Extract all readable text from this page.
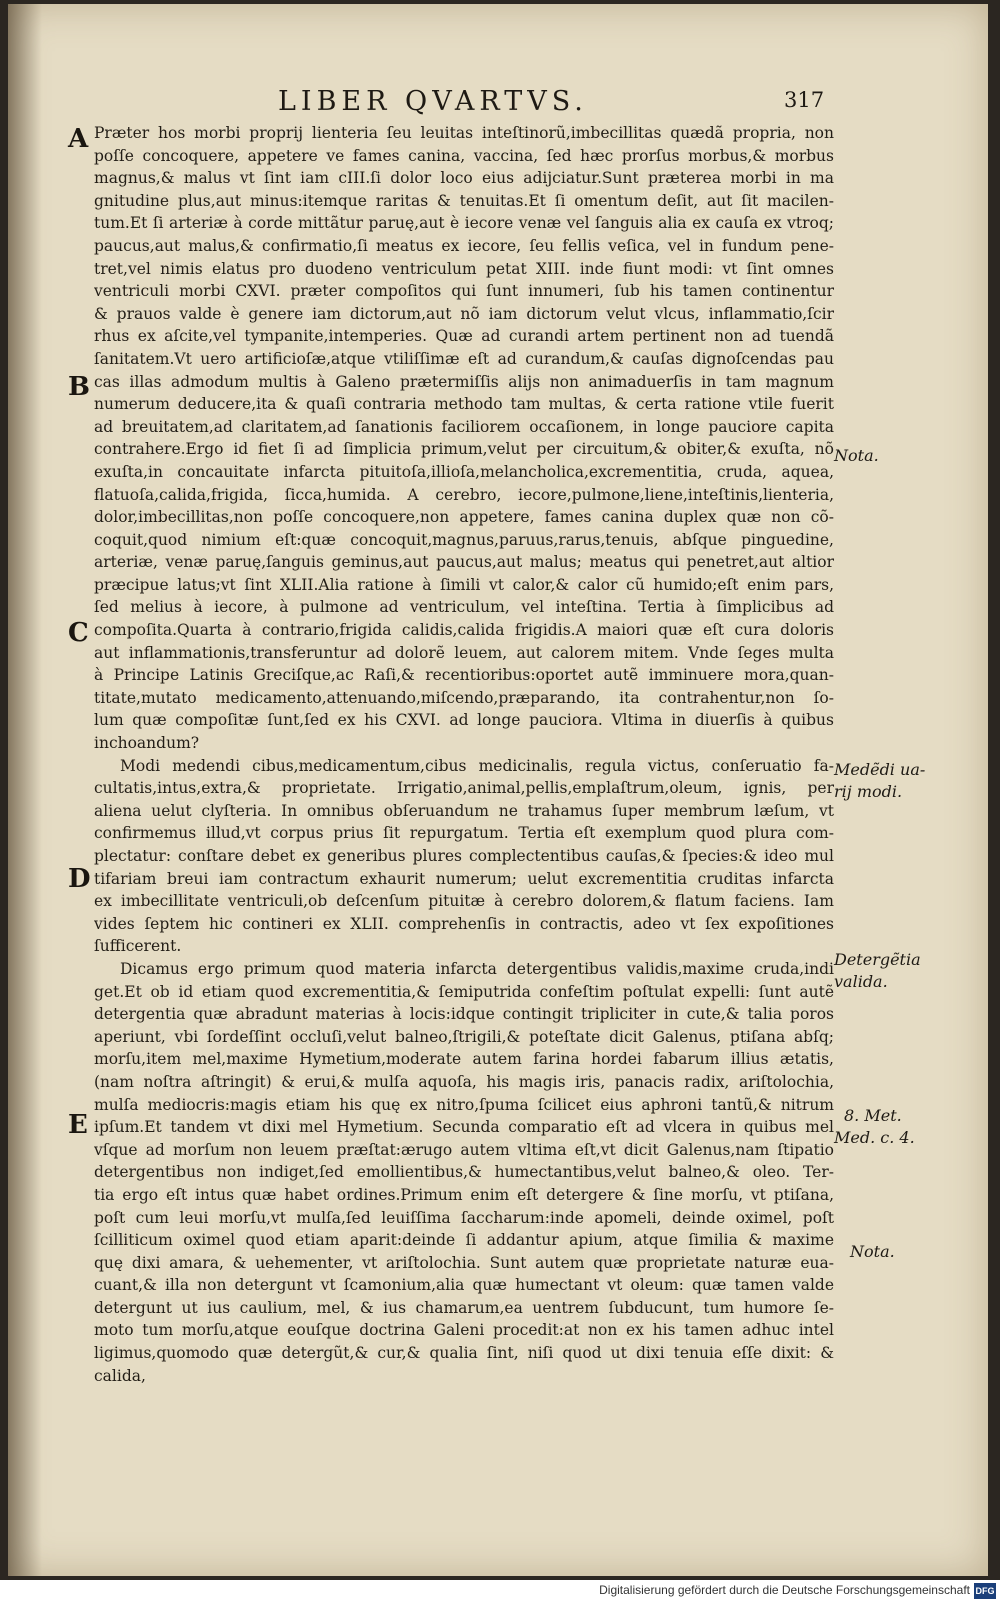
LIBER QVARTVS.	317
A
B
C
D
E
Præter hos morbi proprij lienteria ſeu leuitas inteſtinorũ,imbecillitas quædã propria, non
poſſe concoquere, appetere ve fames canina, vaccina, ſed hæc prorſus morbus,& morbus
magnus,& malus vt ſint iam cIII.ſi dolor loco eius adijciatur.Sunt præterea morbi in ma
gnitudine plus,aut minus:itemque raritas & tenuitas.Et ſi omentum deſit, aut ſit macilen-
tum.Et ſi arteriæ à corde mittãtur paruę,aut è iecore venæ vel ſanguis alia ex cauſa ex vtroq;
paucus,aut malus,& confirmatio,ſi meatus ex iecore, ſeu fellis veſica, vel in fundum pene-
tret,vel nimis elatus pro duodeno ventriculum petat XIII. inde fiunt modi: vt ſint omnes
ventriculi morbi CXVI. præter compoſitos qui ſunt innumeri, ſub his tamen continentur
& prauos valde è genere iam dictorum,aut nõ iam dictorum velut vlcus, inflammatio,ſcir
rhus ex aſcite,vel tympanite,intemperies. Quæ ad curandi artem pertinent non ad tuendã
ſanitatem.Vt uero artificioſæ,atque vtiliſſimæ eſt ad curandum,& cauſas dignoſcendas pau
cas illas admodum multis à Galeno prætermiſſis alijs non animaduerſis in tam magnum
numerum deducere,ita & quaſi contraria methodo tam multas, & certa ratione vtile fuerit
ad breuitatem,ad claritatem,ad ſanationis faciliorem occaſionem, in longe pauciore capita
contrahere.Ergo id fiet ſi ad ſimplicia primum,velut per circuitum,& obiter,& exuſta, nõ
exuſta,in concauitate infarcta pituitoſa,illioſa,melancholica,excrementitia, cruda, aquea,
flatuoſa,calida,frigida, ſicca,humida. A cerebro, iecore,pulmone,liene,inteſtinis,lienteria,
dolor,imbecillitas,non poſſe concoquere,non appetere, fames canina duplex quæ non cõ-
coquit,quod nimium eſt:quæ concoquit,magnus,paruus,rarus,tenuis, abſque pinguedine,
arteriæ, venæ paruę,ſanguis geminus,aut paucus,aut malus; meatus qui penetret,aut altior
præcipue latus;vt ſint XLII.Alia ratione à ſimili vt calor,& calor cũ humido;eſt enim pars,
ſed melius à iecore, à pulmone ad ventriculum, vel inteſtina. Tertia à ſimplicibus ad
compoſita.Quarta à contrario,frigida calidis,calida frigidis.A maiori quæ eſt cura doloris
aut inflammationis,transferuntur ad dolorẽ leuem, aut calorem mitem. Vnde ſeges multa
à Principe Latinis Greciſque,ac Raſi,& recentioribus:oportet autẽ imminuere mora,quan-
titate,mutato medicamento,attenuando,miſcendo,præparando, ita contrahentur,non ſo-
lum quæ compoſitæ ſunt,ſed ex his CXVI. ad longe pauciora. Vltima in diuerſis à quibus
inchoandum?
Modi medendi cibus,medicamentum,cibus medicinalis, regula victus, conſeruatio fa-
cultatis,intus,extra,& proprietate. Irrigatio,animal,pellis,emplaſtrum,oleum, ignis, per
aliena uelut clyſteria. In omnibus obſeruandum ne trahamus ſuper membrum læſum, vt
confirmemus illud,vt corpus prius ſit repurgatum. Tertia eſt exemplum quod plura com-
plectatur: conſtare debet ex generibus plures complectentibus cauſas,& ſpecies:& ideo mul
tifariam breui iam contractum exhaurit numerum; uelut excrementitia cruditas infarcta
ex imbecillitate ventriculi,ob deſcenſum pituitæ à cerebro dolorem,& flatum faciens. Iam
vides ſeptem hic contineri ex XLII. comprehenſis in contractis, adeo vt ſex expoſitiones
ſufficerent.
Dicamus ergo primum quod materia infarcta detergentibus validis,maxime cruda,indi
get.Et ob id etiam quod excrementitia,& ſemiputrida confeſtim poſtulat expelli: ſunt autẽ
detergentia quæ abradunt materias à locis:idque contingit tripliciter in cute,& talia poros
aperiunt, vbi ſordeſſint occluſi,velut balneo,ſtrigili,& poteſtate dicit Galenus, ptiſana abſq;
morſu,item mel,maxime Hymetium,moderate autem farina hordei fabarum illius ætatis,
(nam noſtra aſtringit) & erui,& mulſa aquoſa, his magis iris, panacis radix, ariſtolochia,
mulſa mediocris:magis etiam his quę ex nitro,ſpuma ſcilicet eius aphroni tantũ,& nitrum
ipſum.Et tandem vt dixi mel Hymetium. Secunda comparatio eſt ad vlcera in quibus mel
vſque ad morſum non leuem præſtat:ærugo autem vltima eſt,vt dicit Galenus,nam ſtipatio
detergentibus non indiget,ſed emollientibus,& humectantibus,velut balneo,& oleo. Ter-
tia ergo eſt intus quæ habet ordines.Primum enim eſt detergere & ſine morſu, vt ptiſana,
poſt cum leui morſu,vt mulſa,ſed leuiſſima ſaccharum:inde apomeli, deinde oximel, poſt
ſcilliticum oximel quod etiam aparit:deinde ſi addantur apium, atque ſimilia & maxime
quę dixi amara, & uehementer, vt ariſtolochia. Sunt autem quæ proprietate naturæ eua-
cuant,& illa non detergunt vt ſcamonium,alia quæ humectant vt oleum: quæ tamen valde
detergunt ut ius caulium, mel, & ius chamarum,ea uentrem ſubducunt, tum humore ſe-
moto tum morſu,atque eouſque doctrina Galeni procedit:at non ex his tamen adhuc intel
ligimus,quomodo quæ detergũt,& cur,& qualia ſint, niſi quod ut dixi tenuia eſſe dixit: &
calida,
Nota.
Medẽdi ua-
rij modi.
Detergẽtia
valida.
8. Met.
Med. c. 4.
Nota.
Digitalisierung gefördert durch die Deutsche Forschungsgemeinschaft DFG
